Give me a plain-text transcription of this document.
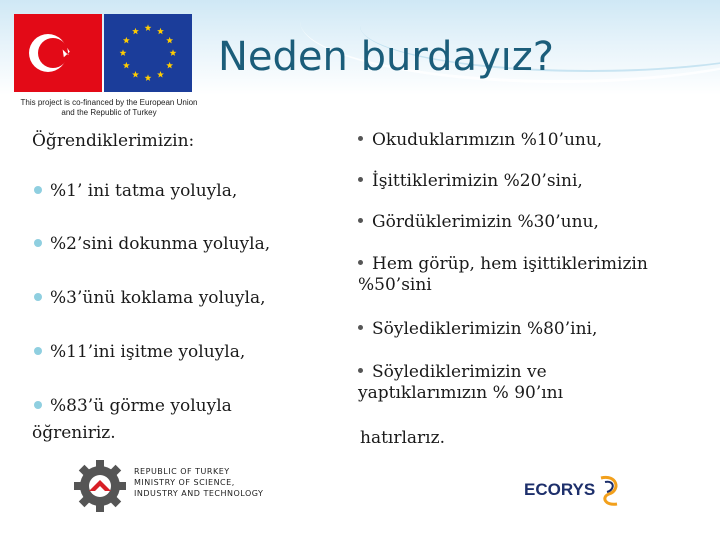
Neden burdayız?
This project is co-financed by the European Union and the Republic of Turkey
Öğrendiklerimizin:
%1’ ini tatma yoluyla,
%2’sini dokunma yoluyla,
%3’ünü koklama yoluyla,
%11’ini işitme yoluyla,
%83’ü görme yoluyla
öğreniriz.
Okuduklarımızın %10’unu,
İşittiklerimizin %20’sini,
Gördüklerimizin %30’unu,
Hem görüp, hem işittiklerimizin %50’sini
Söylediklerimizin %80’ini,
Söylediklerimizin ve yaptıklarımızın % 90’ını
hatırlarız.
REPUBLIC OF TURKEY
MINISTRY OF SCIENCE,
INDUSTRY AND TECHNOLOGY	ECORYS
